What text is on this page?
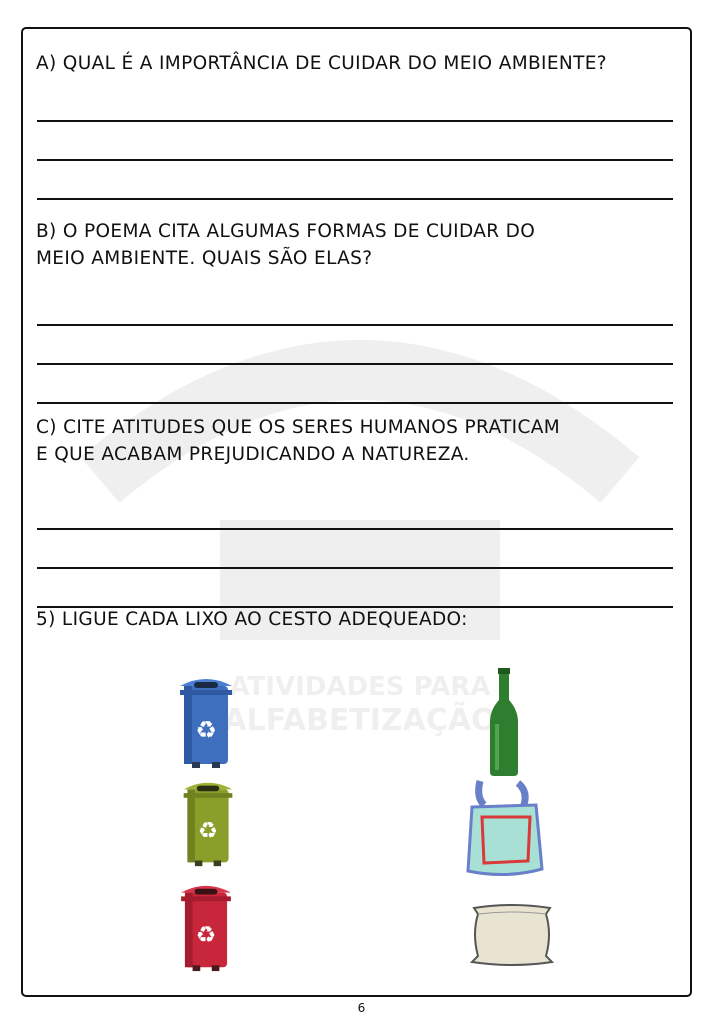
ATIVIDADES PARA
ALFABETIZAÇÃO

A) QUAL É A IMPORTÂNCIA DE CUIDAR DO MEIO AMBIENTE?

B) O POEMA CITA ALGUMAS FORMAS DE CUIDAR DO

MEIO AMBIENTE. QUAIS SÃO ELAS?

C) CITE ATITUDES QUE OS SERES HUMANOS PRATICAM

E QUE ACABAM PREJUDICANDO A NATUREZA.

5) LIGUE CADA LIXO AO CESTO ADEQUEADO:

♻
♻
♻
6
